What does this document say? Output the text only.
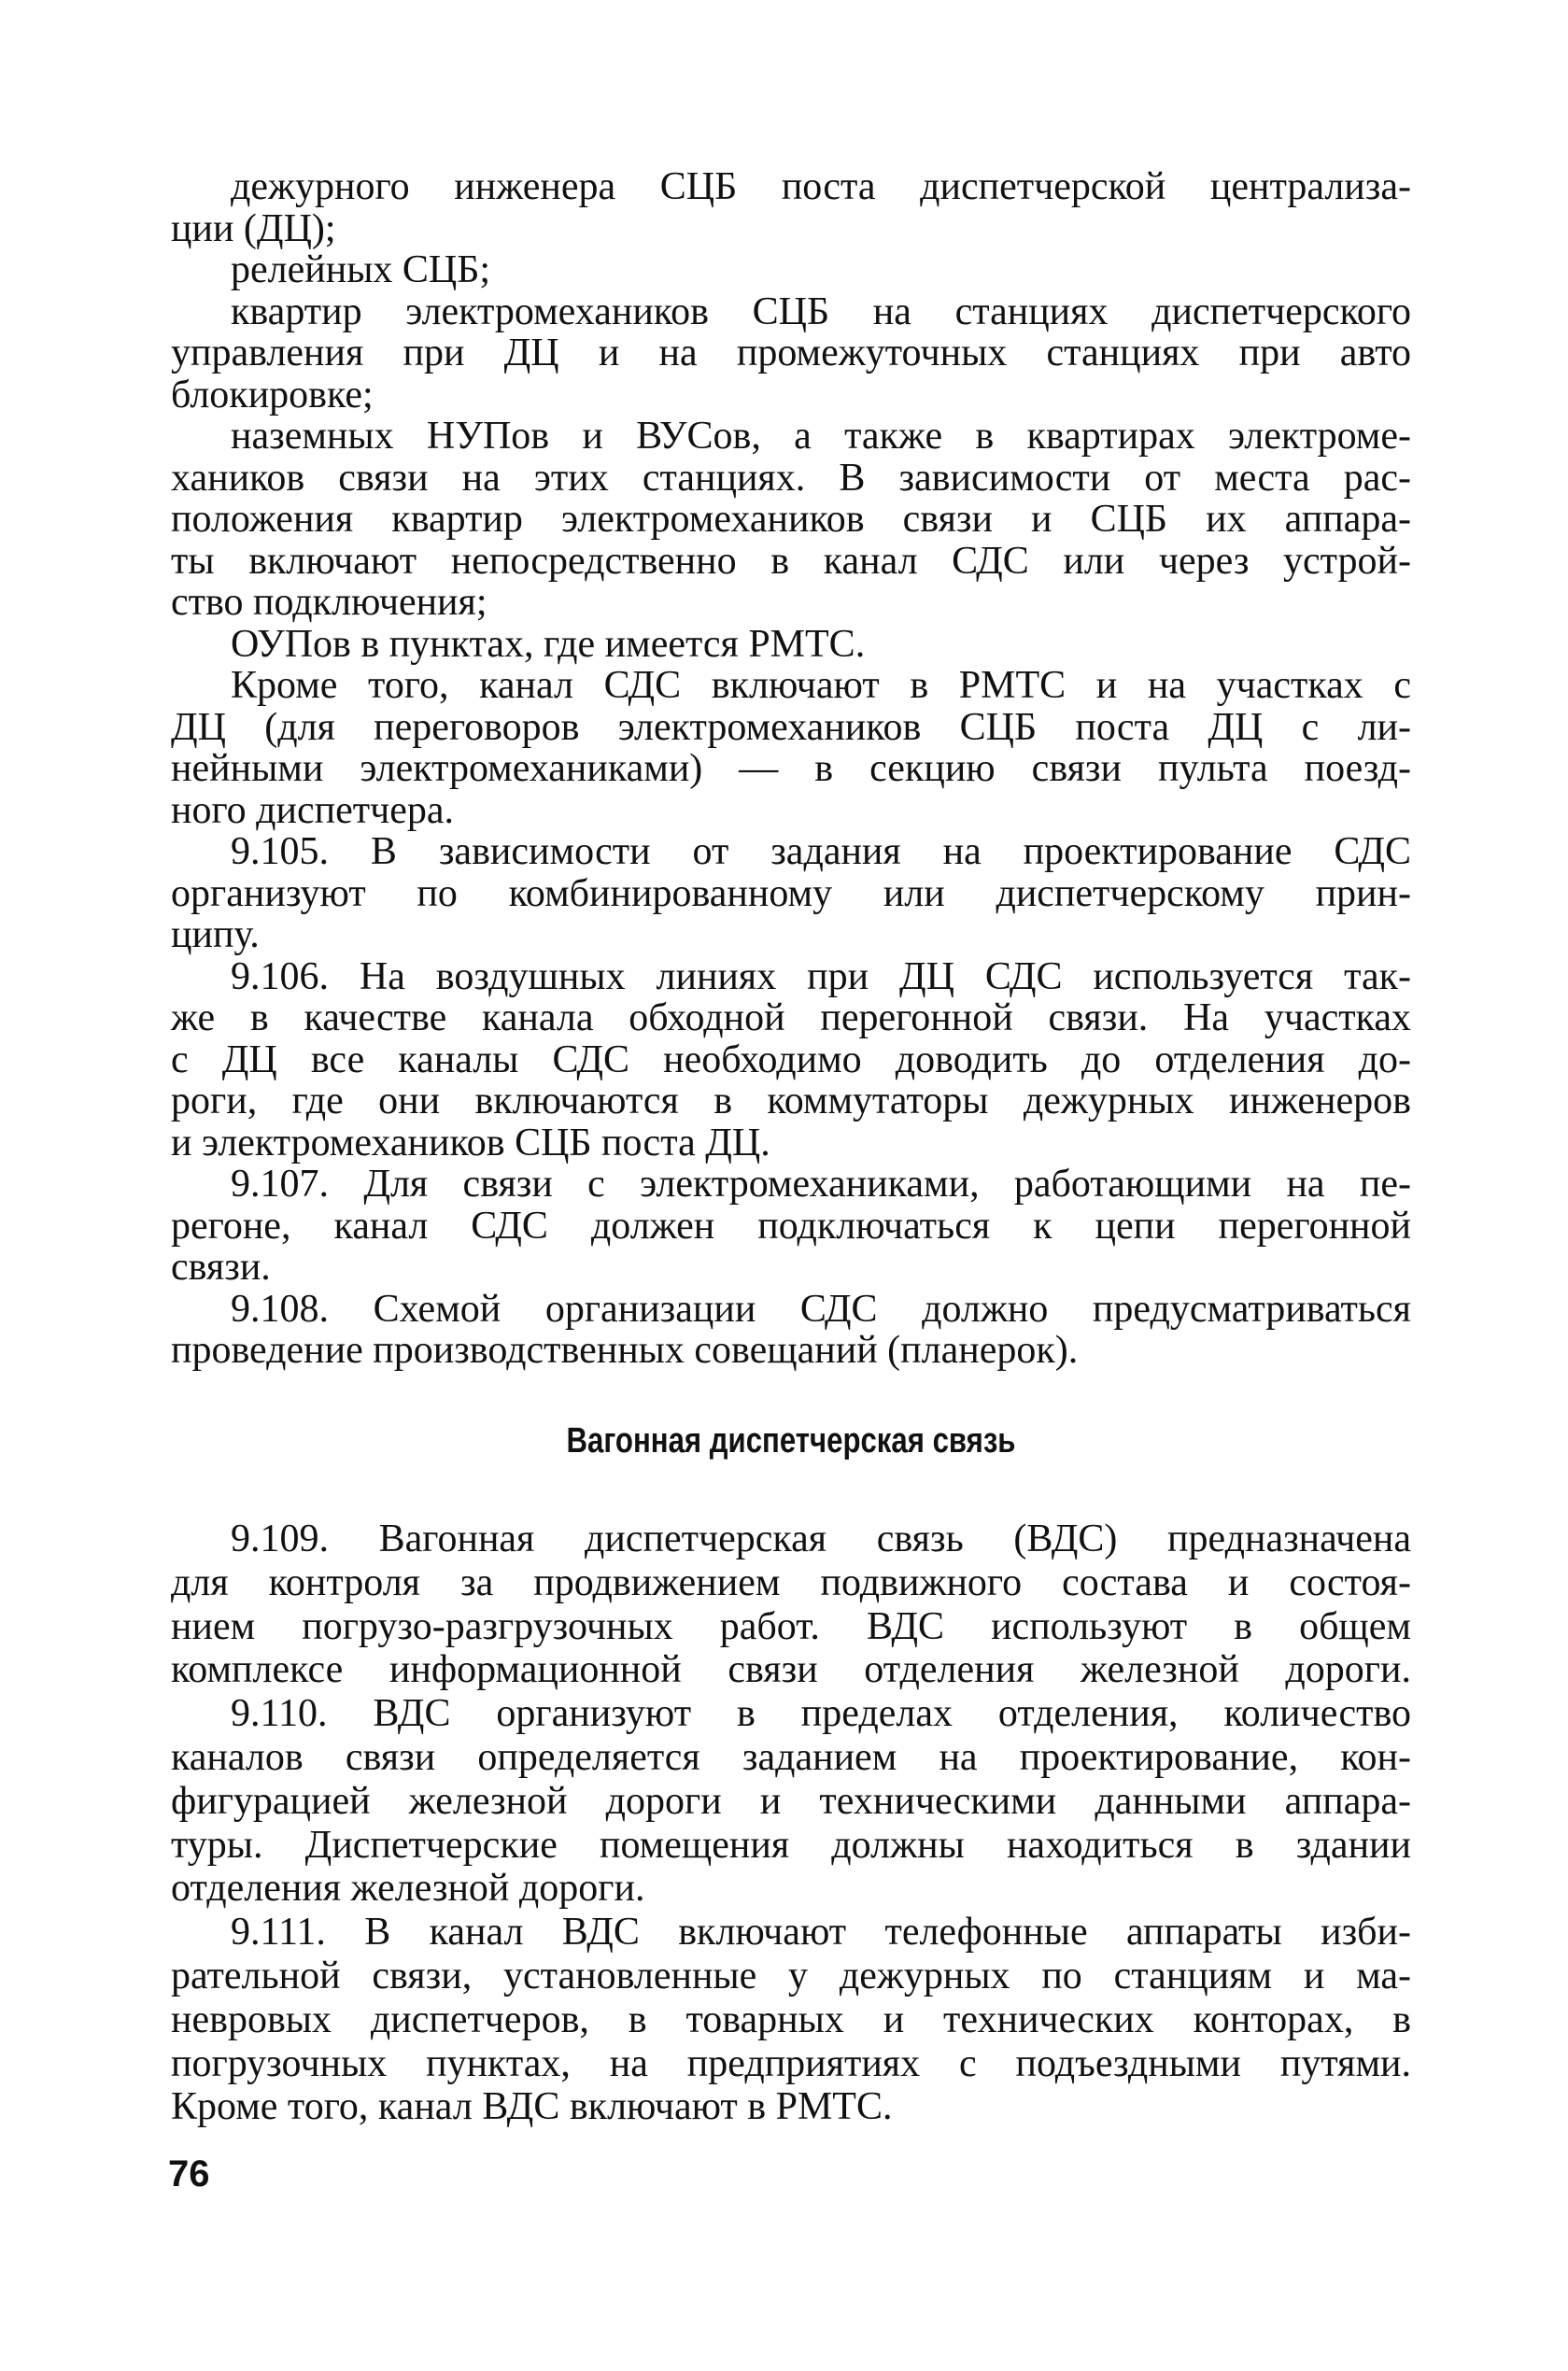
дежурного инженера СЦБ поста диспетчерской централиза-
ции (ДЦ);
релейных СЦБ;
квартир электромехаников СЦБ на станциях диспетчерского
управления при ДЦ и на промежуточных станциях при авто
блокировке;
наземных НУПов и ВУСов, а также в квартирах электроме-
хаников связи на этих станциях. В зависимости от места рас-
положения квартир электромехаников связи и СЦБ их аппара-
ты включают непосредственно в канал СДС или через устрой-
ство подключения;
ОУПов в пунктах, где имеется РМТС.
Кроме того, канал СДС включают в РМТС и на участках с
ДЦ (для переговоров электромехаников СЦБ поста ДЦ с ли-
нейными электромеханиками) — в секцию связи пульта поезд-
ного диспетчера.
9.105. В зависимости от задания на проектирование СДС
организуют по комбинированному или диспетчерскому прин-
ципу.
9.106. На воздушных линиях при ДЦ СДС используется так-
же в качестве канала обходной перегонной связи. На участках
с ДЦ все каналы СДС необходимо доводить до отделения до-
роги, где они включаются в коммутаторы дежурных инженеров
и электромехаников СЦБ поста ДЦ.
9.107. Для связи с электромеханиками, работающими на пе-
регоне, канал СДС должен подключаться к цепи перегонной
связи.
9.108. Схемой организации СДС должно предусматриваться
проведение производственных совещаний (планерок).
Вагонная диспетчерская связь
9.109. Вагонная диспетчерская связь (ВДС) предназначена
для контроля за продвижением подвижного состава и состоя-
нием погрузо-разгрузочных работ. ВДС используют в общем
комплексе информационной связи отделения железной дороги.
9.110. ВДС организуют в пределах отделения, количество
каналов связи определяется заданием на проектирование, кон-
фигурацией железной дороги и техническими данными аппара-
туры. Диспетчерские помещения должны находиться в здании
отделения железной дороги.
9.111. В канал ВДС включают телефонные аппараты изби-
рательной связи, установленные у дежурных по станциям и ма-
невровых диспетчеров, в товарных и технических конторах, в
погрузочных пунктах, на предприятиях с подъездными путями.
Кроме того, канал ВДС включают в РМТС.
76
